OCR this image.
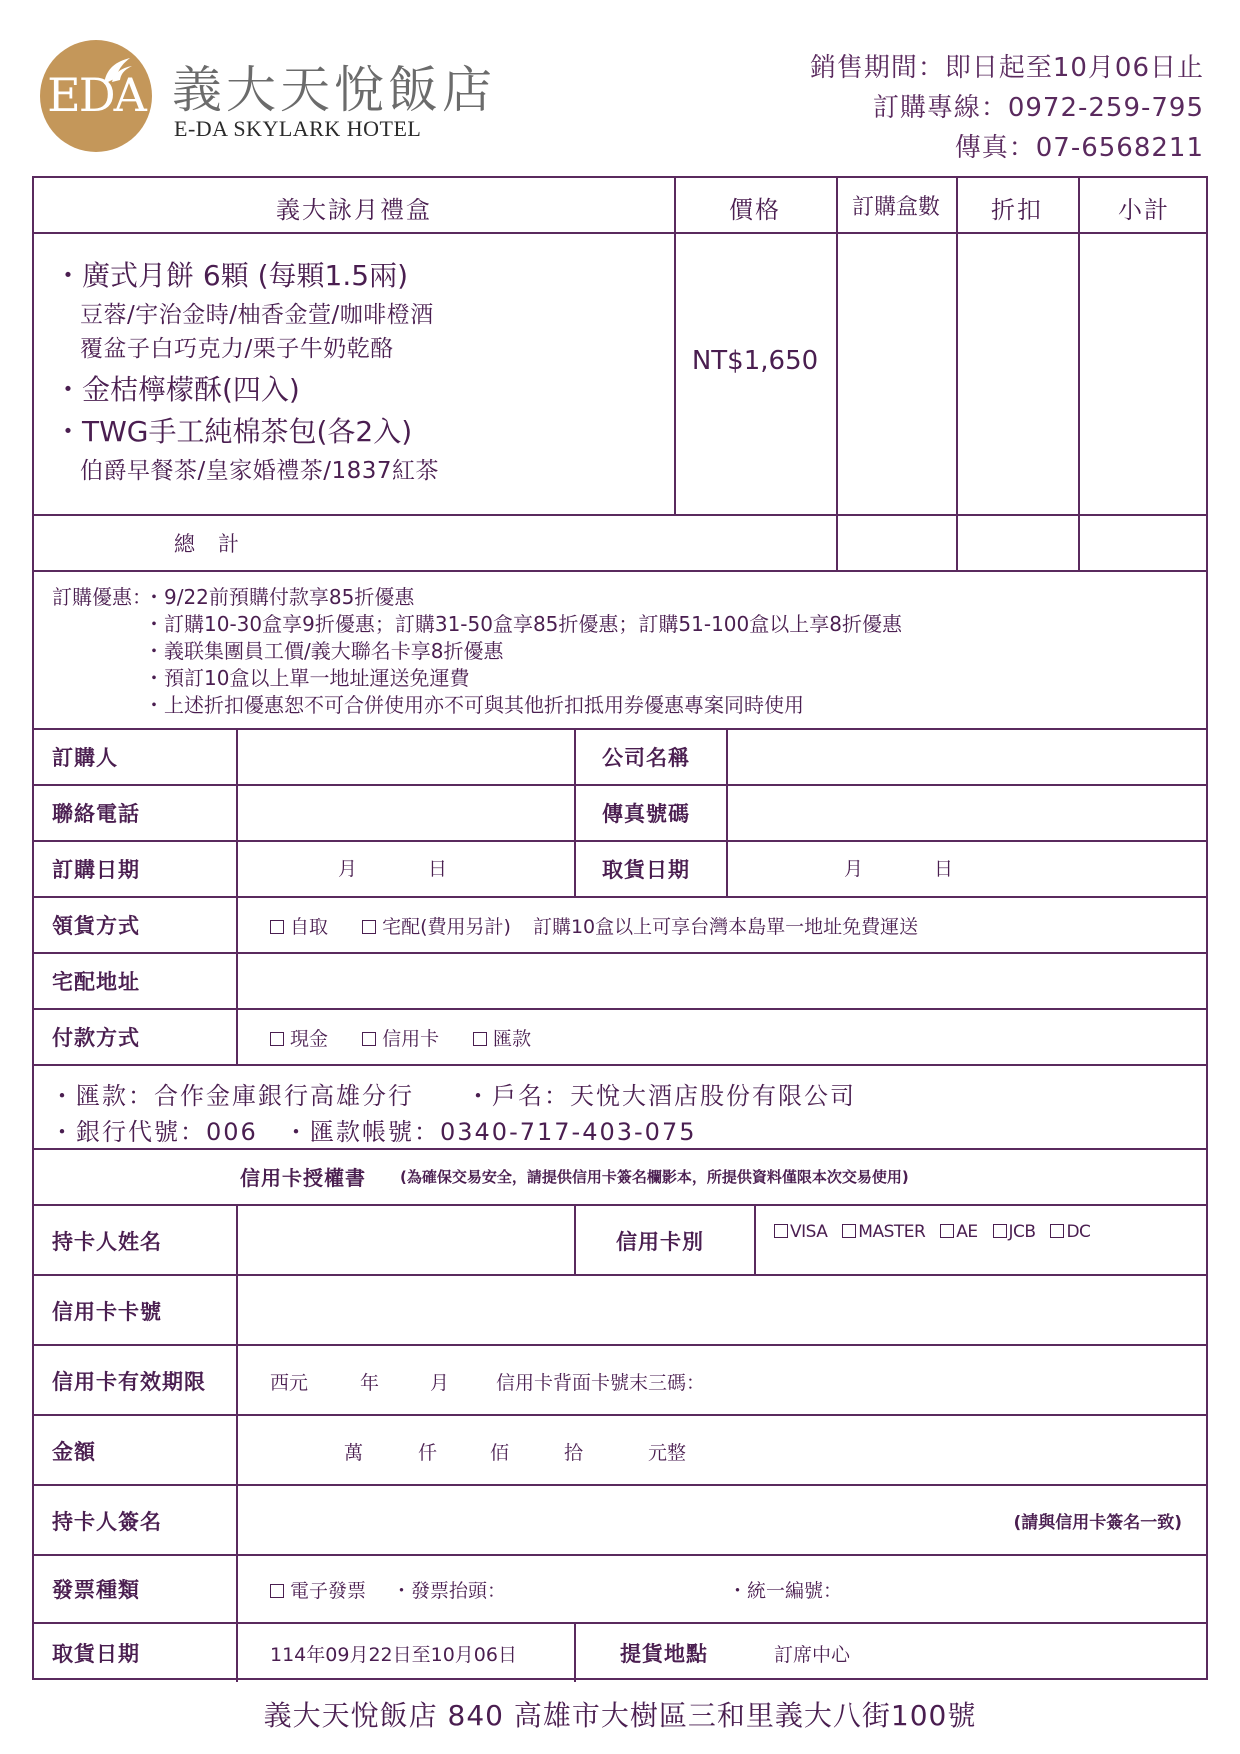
EDA 義大天悅飯店
E-DA SKYLARK HOTEL
銷售期間：即日起至10月06日止
訂購專線：0972-259-795
傳真：07-6568211
義大詠月禮盒	價格	訂購盒數	折扣	小計
・廣式月餅 6顆 (每顆1.5兩)
豆蓉/宇治金時/柚香金萱/咖啡橙酒
覆盆子白巧克力/栗子牛奶乾酪
・金桔檸檬酥(四入)
・TWG手工純棉茶包(各2入)
伯爵早餐茶/皇家婚禮茶/1837紅茶
NT$1,650
總　計
訂購優惠：
・9/22前預購付款享85折優惠
・訂購10-30盒享9折優惠；訂購31-50盒享85折優惠；訂購51-100盒以上享8折優惠
・義联集團員工價/義大聯名卡享8折優惠
・預訂10盒以上單一地址運送免運費
・上述折扣優惠恕不可合併使用亦不可與其他折扣抵用券優惠專案同時使用
訂購人	公司名稱
聯絡電話	傳真號碼
訂購日期	月	日	取貨日期	月	日
領貨方式	自取	宅配(費用另計) 訂購10盒以上可享台灣本島單一地址免費運送
宅配地址
付款方式	現金	信用卡	匯款
・匯款：合作金庫銀行高雄分行 ・戶名：天悅大酒店股份有限公司
・銀行代號：006 ・匯款帳號：0340-717-403-075
信用卡授權書 (為確保交易安全，請提供信用卡簽名欄影本，所提供資料僅限本次交易使用)
持卡人姓名	信用卡別	VISA MASTER AE JCB DC
信用卡卡號
信用卡有效期限	西元	年	月 信用卡背面卡號末三碼：
金額	萬	仟	佰	拾	元整
持卡人簽名	(請與信用卡簽名一致)
發票種類	電子發票 ・發票抬頭：	・統一編號：
取貨日期	114年09月22日至10月06日	提貨地點	訂席中心
義大天悅飯店 840 高雄市大樹區三和里義大八街100號
